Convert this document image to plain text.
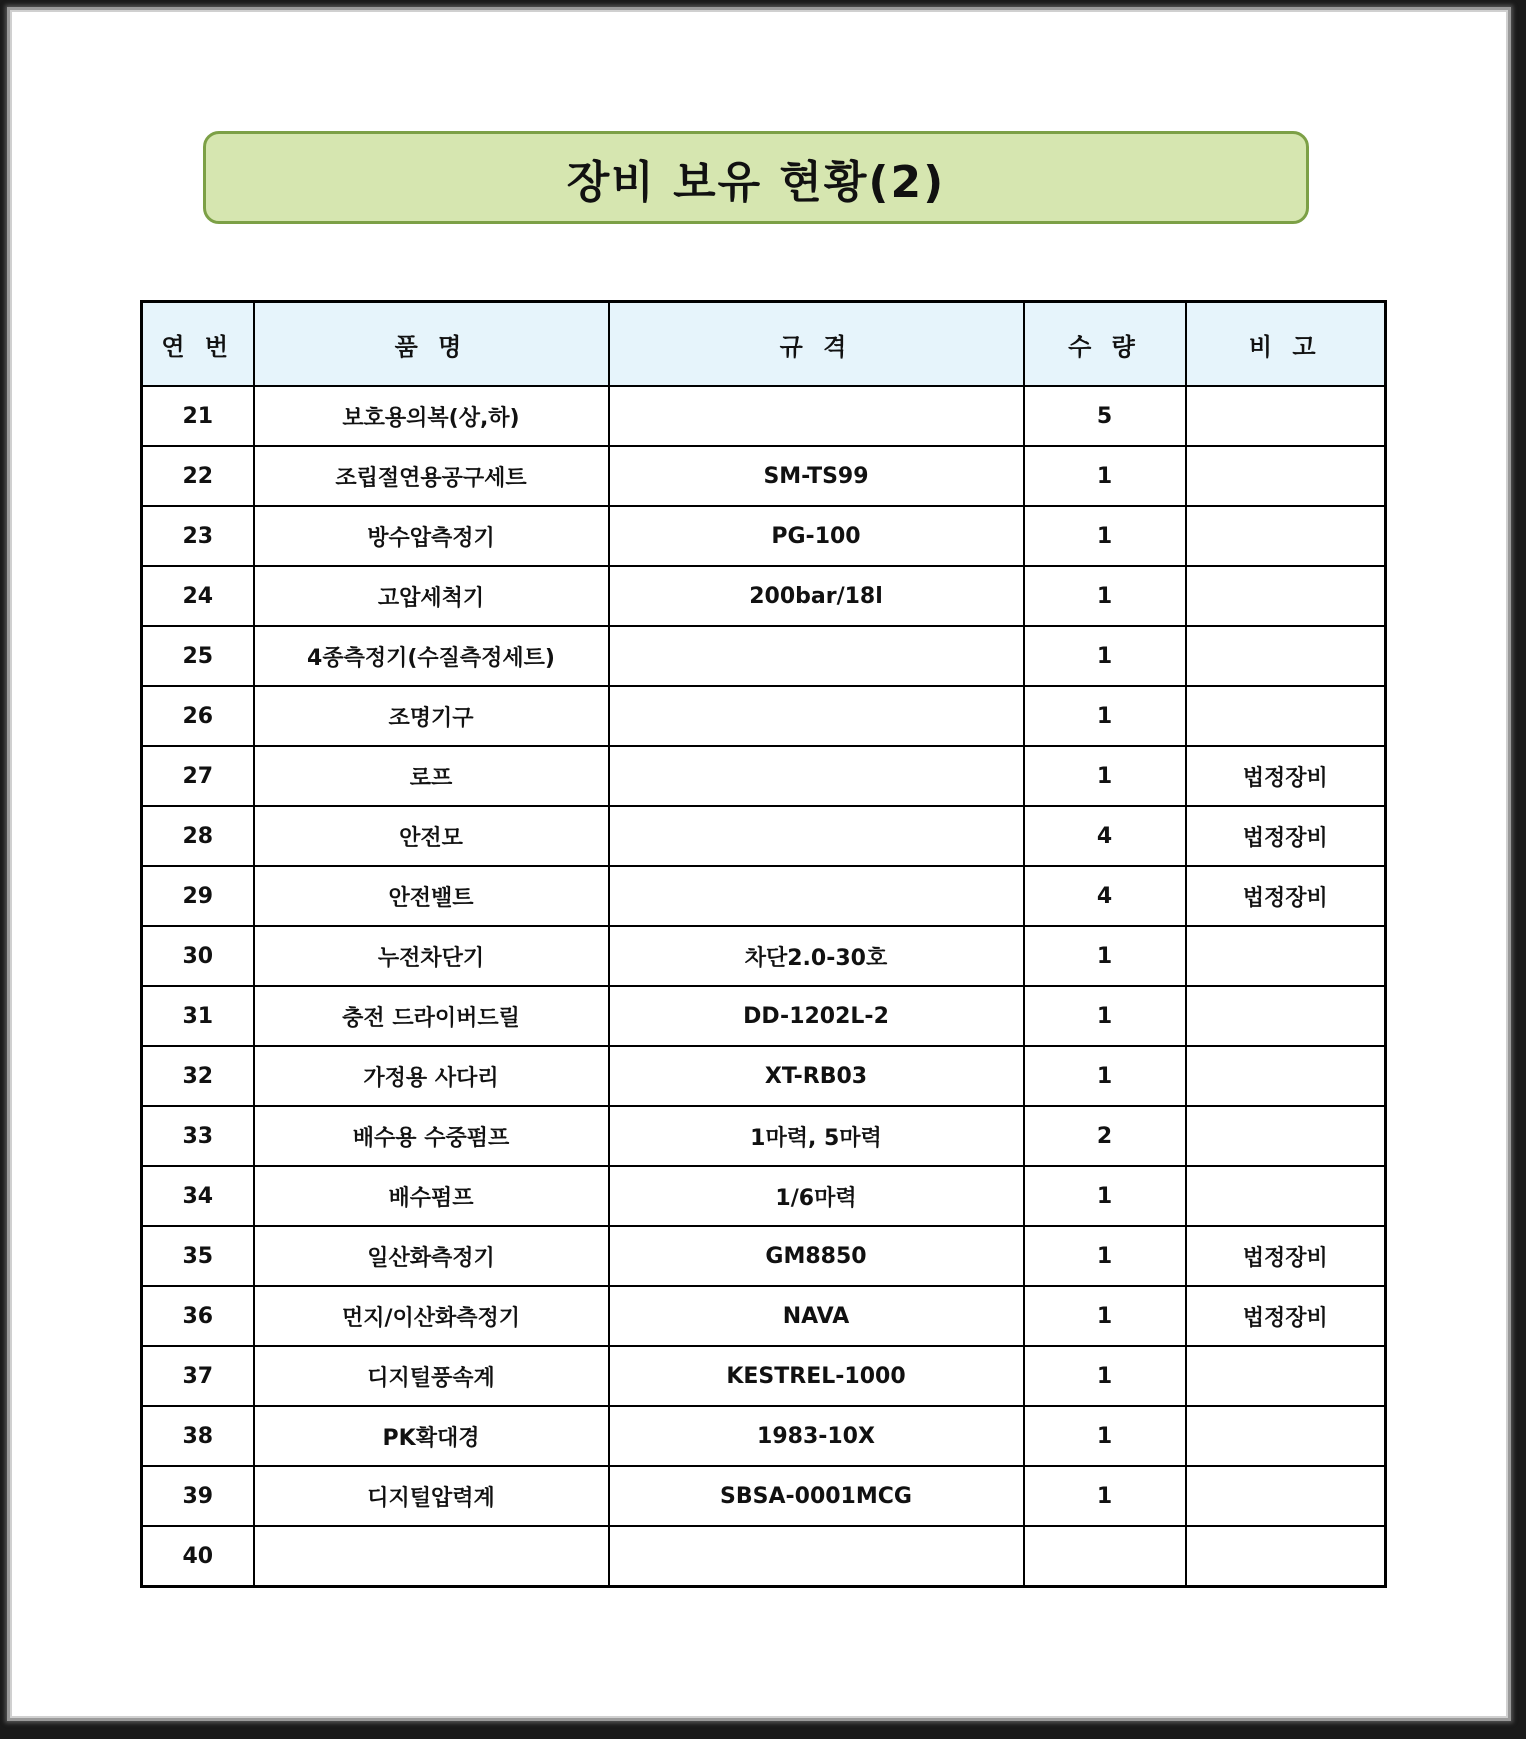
장비 보유 현황(2)
연 번	품 명	규 격	수 량	비 고
21	보호용의복(상,하)		5	
22	조립절연용공구세트	SM-TS99	1	
23	방수압측정기	PG-100	1	
24	고압세척기	200bar/18l	1	
25	4종측정기(수질측정세트)		1	
26	조명기구		1	
27	로프		1	법정장비
28	안전모		4	법정장비
29	안전밸트		4	법정장비
30	누전차단기	차단2.0-30호	1	
31	충전 드라이버드릴	DD-1202L-2	1	
32	가정용 사다리	XT-RB03	1	
33	배수용 수중펌프	1마력, 5마력	2	
34	배수펌프	1/6마력	1	
35	일산화측정기	GM8850	1	법정장비
36	먼지/이산화측정기	NAVA	1	법정장비
37	디지털풍속계	KESTREL-1000	1	
38	PK확대경	1983-10X	1	
39	디지털압력계	SBSA-0001MCG	1	
40				
